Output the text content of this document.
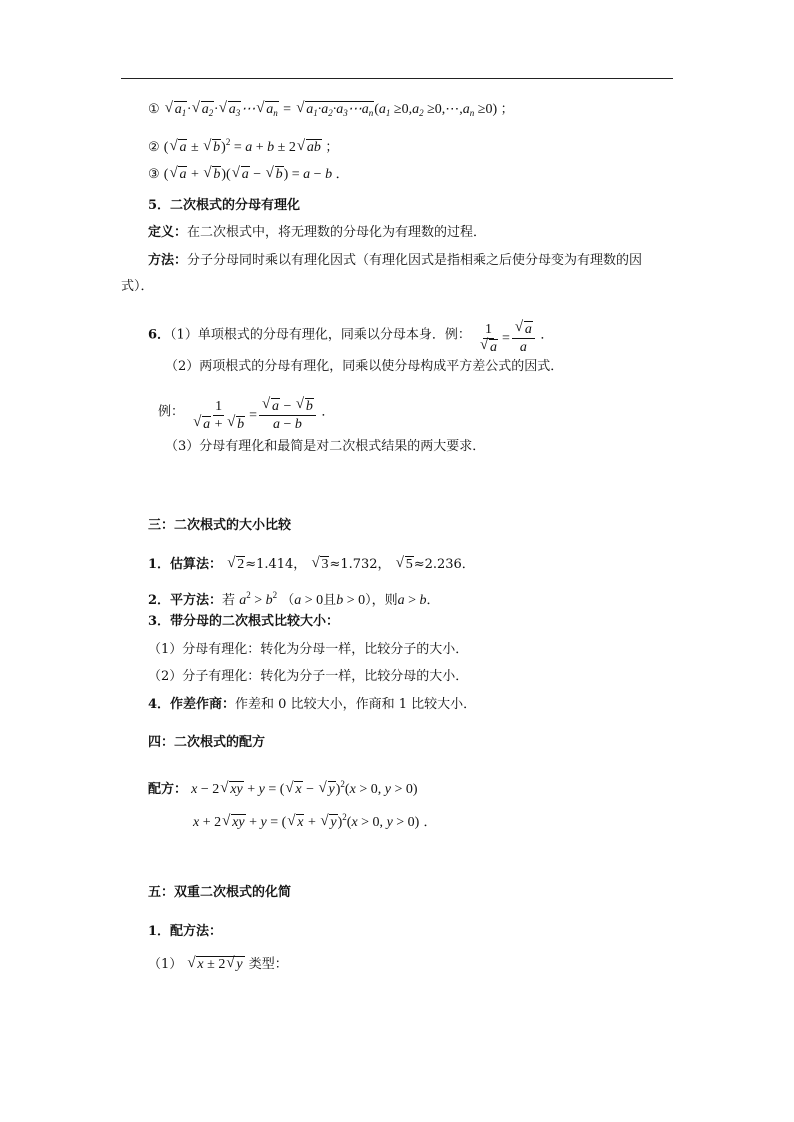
① √ $a_1\cdot$ √ $a_2\cdot$ √ $a_3\cdots$ √ $a_n$ = √ $a_1\cdot a_2\cdot a_3\cdots a_n(a_1 \ge 0,a_2$ $\ge 0,\cdots,a_n \ge 0$) ；
② ( √ a ± √ b)$^2$ = a + b ± 2 √ ab ；
③ ( √ a + √ b)( √ a − √ b) = a − b ．
5．二次根式的分母有理化
定义：在二次根式中，将无理数的分母化为有理数的过程．
方法：分子分母同时乘以有理化因式（有理化因式是指相乘之后使分母变为有理数的因
式）．
6．（1）单项根式的分母有理化，同乘以分母本身．例： $\frac{1}{√ a} = \frac{√ a}{a}$ ．
（2）两项根式的分母有理化，同乘以使分母构成平方差公式的因式．
例： $\frac{1}{√ a + √ b} = \frac{√ a - √ b}{a - b}$ ．
（3）分母有理化和最简是对二次根式结果的两大要求．
三：二次根式的大小比较
1．估算法： √ 2≈1.414， √ 3≈1.732， √ 5≈2.236．
2．平方法：若 $a^2 > b^2$ （a > 0且b > 0），则a > b．
3．带分母的二次根式比较大小：
（1）分母有理化：转化为分母一样，比较分子的大小．
（2）分子有理化：转化为分子一样，比较分母的大小．
4．作差作商：作差和 0 比较大小，作商和 1 比较大小．
四：二次根式的配方
配方： x − 2 √ xy + y = ( √ x − √ y)$^2$(x > 0, y > 0)
x + 2 √ xy + y = ( √ x + √ y)$^2$(x > 0, y > 0) ．
五：双重二次根式的化简
1．配方法：
（1） √ x ± 2 √ y 类型：
